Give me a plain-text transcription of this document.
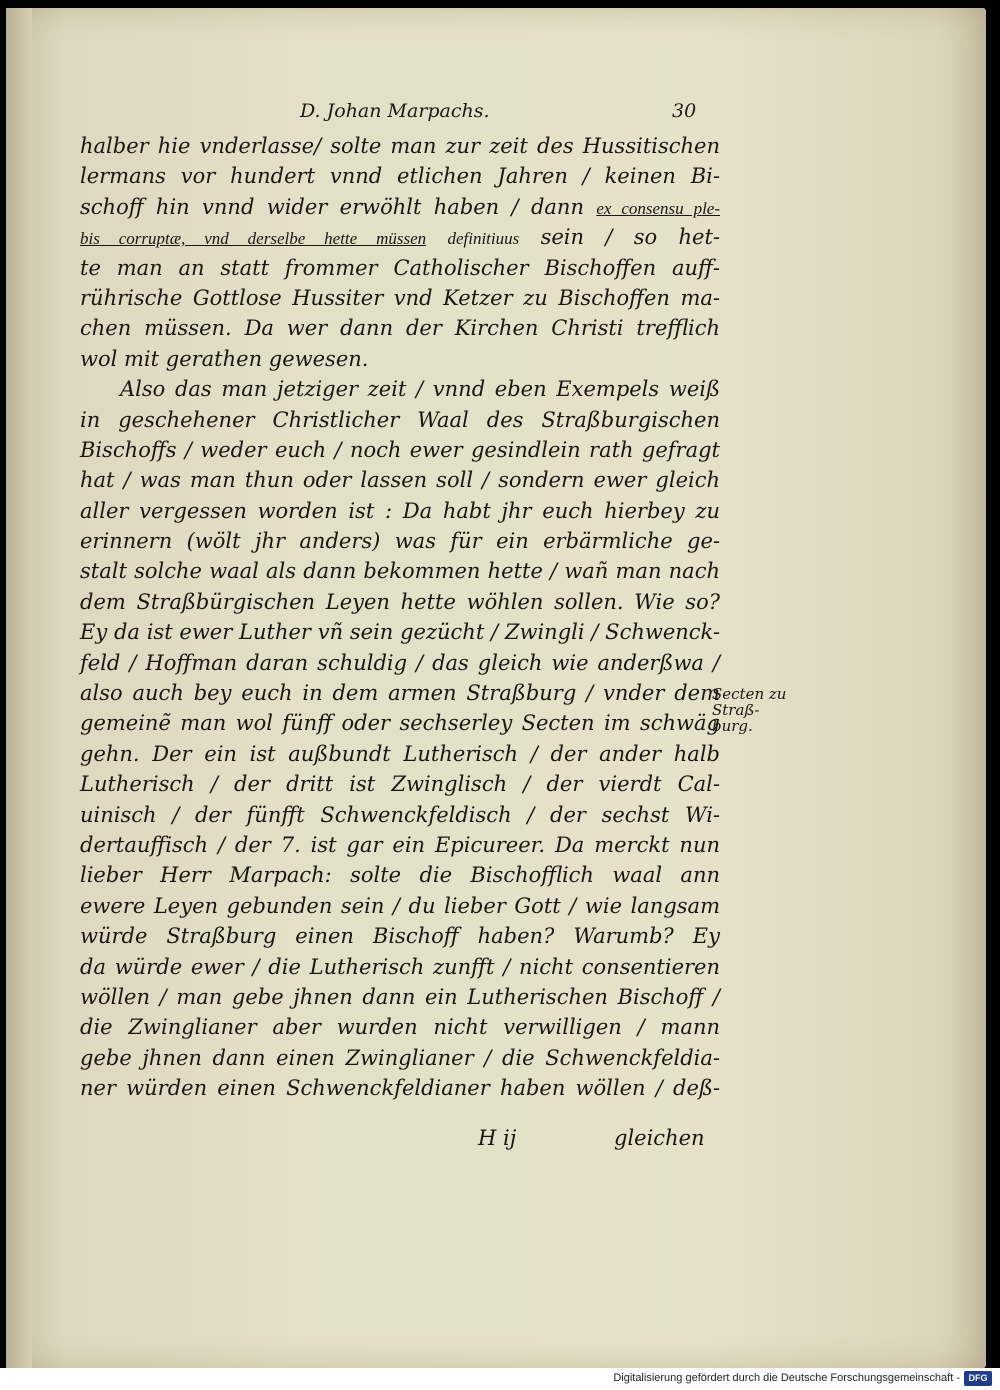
D. Johan Marpachs.	30
halber hie vnderlasse/ solte man zur zeit des Hussitischen
lermans vor hundert vnnd etlichen Jahren / keinen Bi-
schoff hin vnnd wider erwöhlt haben / dann ex consensu ple-
bis corruptæ, vnd derselbe hette müssen definitiuus sein / so het-
te man an statt frommer Catholischer Bischoffen auff-
rührische Gottlose Hussiter vnd Ketzer zu Bischoffen ma-
chen müssen. Da wer dann der Kirchen Christi trefflich
wol mit gerathen gewesen.
Also das man jetziger zeit / vnnd eben Exempels weiß
in geschehener Christlicher Waal des Straßburgischen
Bischoffs / weder euch / noch ewer gesindlein rath gefragt
hat / was man thun oder lassen soll / sondern ewer gleich
aller vergessen worden ist : Da habt jhr euch hierbey zu
erinnern (wölt jhr anders) was für ein erbärmliche ge-
stalt solche waal als dann bekommen hette / wañ man nach
dem Straßbürgischen Leyen hette wöhlen sollen. Wie so?
Ey da ist ewer Luther vñ sein gezücht / Zwingli / Schwenck-
feld / Hoffman daran schuldig / das gleich wie anderßwa /
also auch bey euch in dem armen Straßburg / vnder dem
gemeinẽ man wol fünff oder sechserley Secten im schwäg
gehn. Der ein ist außbundt Lutherisch / der ander halb
Lutherisch / der dritt ist Zwinglisch / der vierdt Cal-
uinisch / der fünfft Schwenckfeldisch / der sechst Wi-
dertauffisch / der 7. ist gar ein Epicureer. Da merckt nun
lieber Herr Marpach: solte die Bischofflich waal ann
ewere Leyen gebunden sein / du lieber Gott / wie langsam
würde Straßburg einen Bischoff haben? Warumb? Ey
da würde ewer / die Lutherisch zunfft / nicht consentieren
wöllen / man gebe jhnen dann ein Lutherischen Bischoff /
die Zwinglianer aber wurden nicht verwilligen / mann
gebe jhnen dann einen Zwinglianer / die Schwenckfeldia-
ner würden einen Schwenckfeldianer haben wöllen / deß-
Secten zu
Straß-
burg.
H ij	gleichen
Digitalisierung gefördert durch die Deutsche Forschungsgemeinschaft - DFG
